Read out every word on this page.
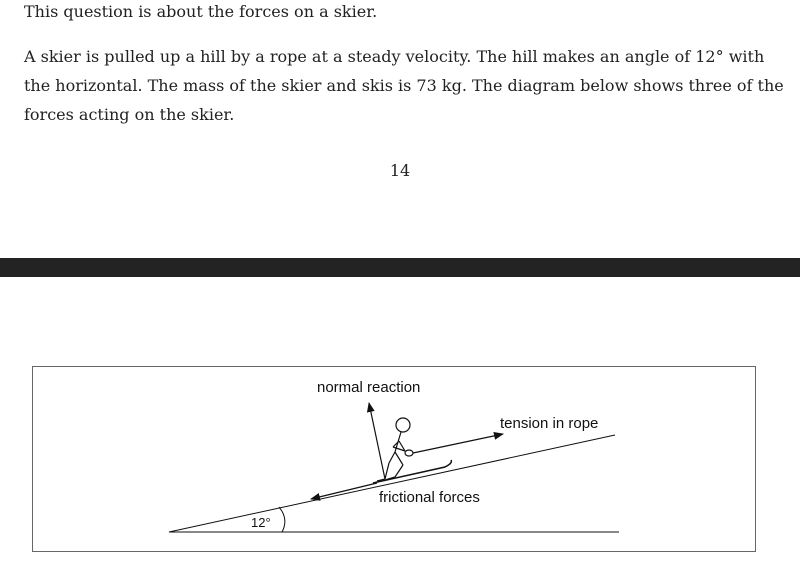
This question is about the forces on a skier.

A skier is pulled up a hill by a rope at a steady velocity. The hill makes an angle of 12° with the horizontal. The mass of the skier and skis is 73 kg. The diagram below shows three of the forces acting on the skier.

14
normal reaction
tension in rope
frictional forces
12°
